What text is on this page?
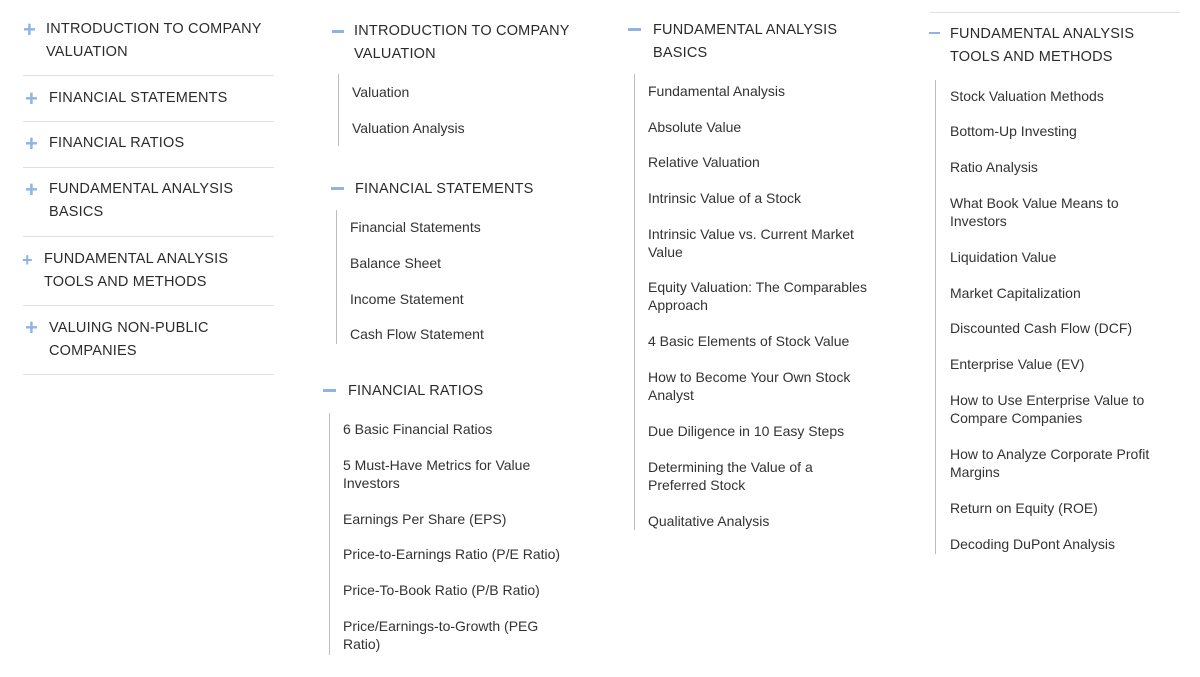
+ INTRODUCTION TO COMPANY VALUATION
+ FINANCIAL STATEMENTS
+ FINANCIAL RATIOS
+ FUNDAMENTAL ANALYSIS BASICS
+ FUNDAMENTAL ANALYSIS TOOLS AND METHODS
+ VALUING NON-PUBLIC COMPANIES
INTRODUCTION TO COMPANY VALUATION
Valuation
Valuation Analysis
FINANCIAL STATEMENTS
Financial Statements
Balance Sheet
Income Statement
Cash Flow Statement
FINANCIAL RATIOS
6 Basic Financial Ratios
5 Must-Have Metrics for Value Investors
Earnings Per Share (EPS)
Price-to-Earnings Ratio (P/E Ratio)
Price-To-Book Ratio (P/B Ratio)
Price/Earnings-to-Growth (PEG Ratio)
FUNDAMENTAL ANALYSIS BASICS
Fundamental Analysis
Absolute Value
Relative Valuation
Intrinsic Value of a Stock
Intrinsic Value vs. Current Market Value
Equity Valuation: The Comparables Approach
4 Basic Elements of Stock Value
How to Become Your Own Stock Analyst
Due Diligence in 10 Easy Steps
Determining the Value of a Preferred Stock
Qualitative Analysis
FUNDAMENTAL ANALYSIS TOOLS AND METHODS
Stock Valuation Methods
Bottom-Up Investing
Ratio Analysis
What Book Value Means to Investors
Liquidation Value
Market Capitalization
Discounted Cash Flow (DCF)
Enterprise Value (EV)
How to Use Enterprise Value to Compare Companies
How to Analyze Corporate Profit Margins
Return on Equity (ROE)
Decoding DuPont Analysis
